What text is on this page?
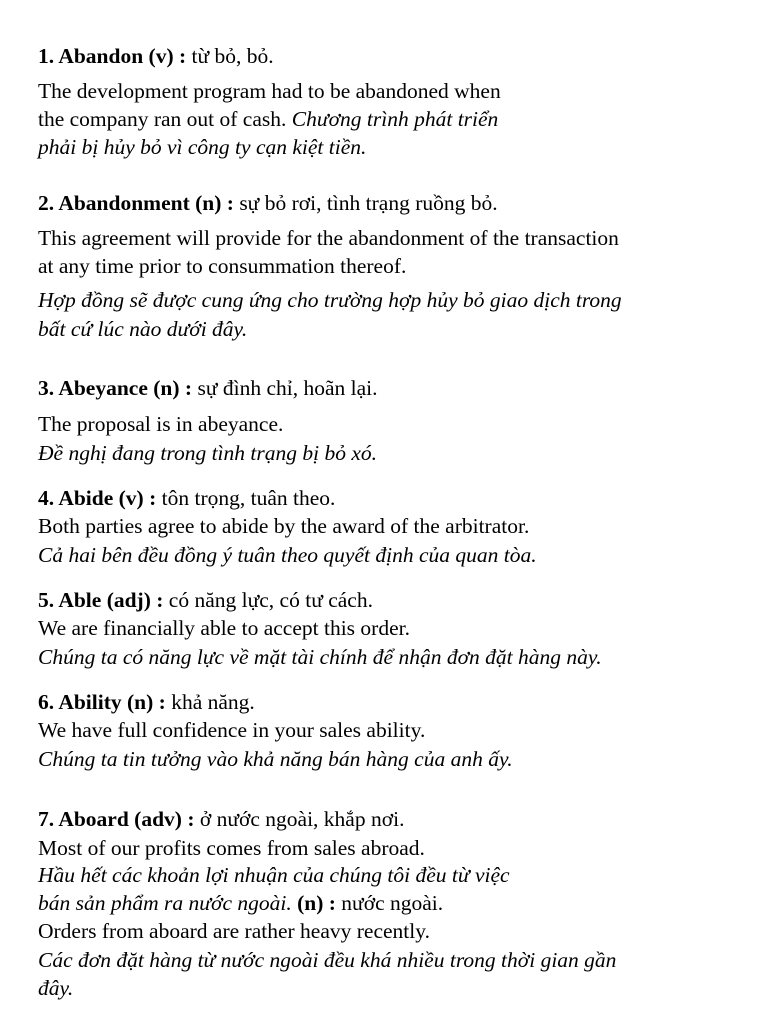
1. Abandon (v) : từ bỏ, bỏ.
The development program had to be abandoned when
the company ran out of cash. Chương trình phát triển
phải bị hủy bỏ vì công ty cạn kiệt tiền.
2. Abandonment (n) : sự bỏ rơi, tình trạng ruồng bỏ.
This agreement will provide for the abandonment of the transaction
at any time prior to consummation thereof.
Hợp đồng sẽ được cung ứng cho trường hợp hủy bỏ giao dịch trong
bất cứ lúc nào dưới đây.
3. Abeyance (n) : sự đình chỉ, hoãn lại.
The proposal is in abeyance.
Đề nghị đang trong tình trạng bị bỏ xó.
4. Abide (v) : tôn trọng, tuân theo.
Both parties agree to abide by the award of the arbitrator.
Cả hai bên đều đồng ý tuân theo quyết định của quan tòa.
5. Able (adj) : có năng lực, có tư cách.
We are financially able to accept this order.
Chúng ta có năng lực về mặt tài chính để nhận đơn đặt hàng này.
6. Ability (n) : khả năng.
We have full confidence in your sales ability.
Chúng ta tin tưởng vào khả năng bán hàng của anh ấy.
7. Aboard (adv) : ở nước ngoài, khắp nơi.
Most of our profits comes from sales abroad.
Hầu hết các khoản lợi nhuận của chúng tôi đều từ việc
bán sản phẩm ra nước ngoài. (n) : nước ngoài.
Orders from aboard are rather heavy recently.
Các đơn đặt hàng từ nước ngoài đều khá nhiều trong thời gian gần
đây.
